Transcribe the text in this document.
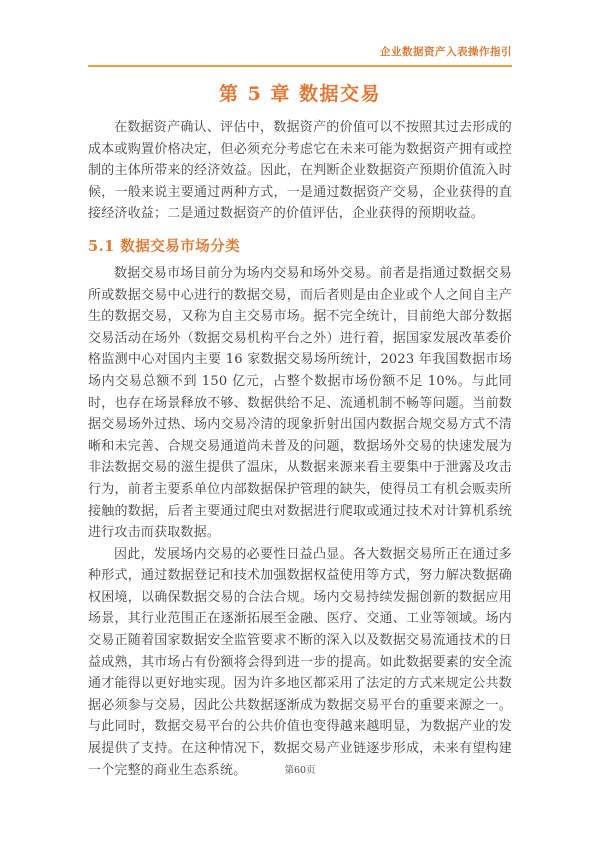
企业数据资产入表操作指引
第 5 章 数据交易

在数据资产确认、评估中，数据资产的价值可以不按照其过去形成的成本或购置价格决定，但必须充分考虑它在未来可能为数据资产拥有或控制的主体所带来的经济效益。因此，在判断企业数据资产预期价值流入时候，一般来说主要通过两种方式，一是通过数据资产交易，企业获得的直接经济收益；二是通过数据资产的价值评估，企业获得的预期收益。

5.1 数据交易市场分类

数据交易市场目前分为场内交易和场外交易。前者是指通过数据交易所或数据交易中心进行的数据交易，而后者则是由企业或个人之间自主产生的数据交易，又称为自主交易市场。据不完全统计，目前绝大部分数据交易活动在场外（数据交易机构平台之外）进行着，据国家发展改革委价格监测中心对国内主要 16 家数据交易场所统计，2023 年我国数据市场场内交易总额不到 150 亿元，占整个数据市场份额不足 10%。与此同时，也存在场景释放不够、数据供给不足、流通机制不畅等问题。当前数据交易场外过热、场内交易冷清的现象折射出国内数据合规交易方式不清晰和未完善、合规交易通道尚未普及的问题，数据场外交易的快速发展为非法数据交易的滋生提供了温床，从数据来源来看主要集中于泄露及攻击行为，前者主要系单位内部数据保护管理的缺失，使得员工有机会贩卖所接触的数据，后者主要通过爬虫对数据进行爬取或通过技术对计算机系统进行攻击而获取数据。

因此，发展场内交易的必要性日益凸显。各大数据交易所正在通过多种形式，通过数据登记和技术加强数据权益使用等方式，努力解决数据确权困境，以确保数据交易的合法合规。场内交易持续发掘创新的数据应用场景，其行业范围正在逐渐拓展至金融、医疗、交通、工业等领域。场内交易正随着国家数据安全监管要求不断的深入以及数据交易流通技术的日益成熟，其市场占有份额将会得到进一步的提高。如此数据要素的安全流通才能得以更好地实现。因为许多地区都采用了法定的方式来规定公共数据必须参与交易，因此公共数据逐渐成为数据交易平台的重要来源之一。与此同时，数据交易平台的公共价值也变得越来越明显，为数据产业的发展提供了支持。在这种情况下，数据交易产业链逐步形成，未来有望构建一个完整的商业生态系统。	第60页
